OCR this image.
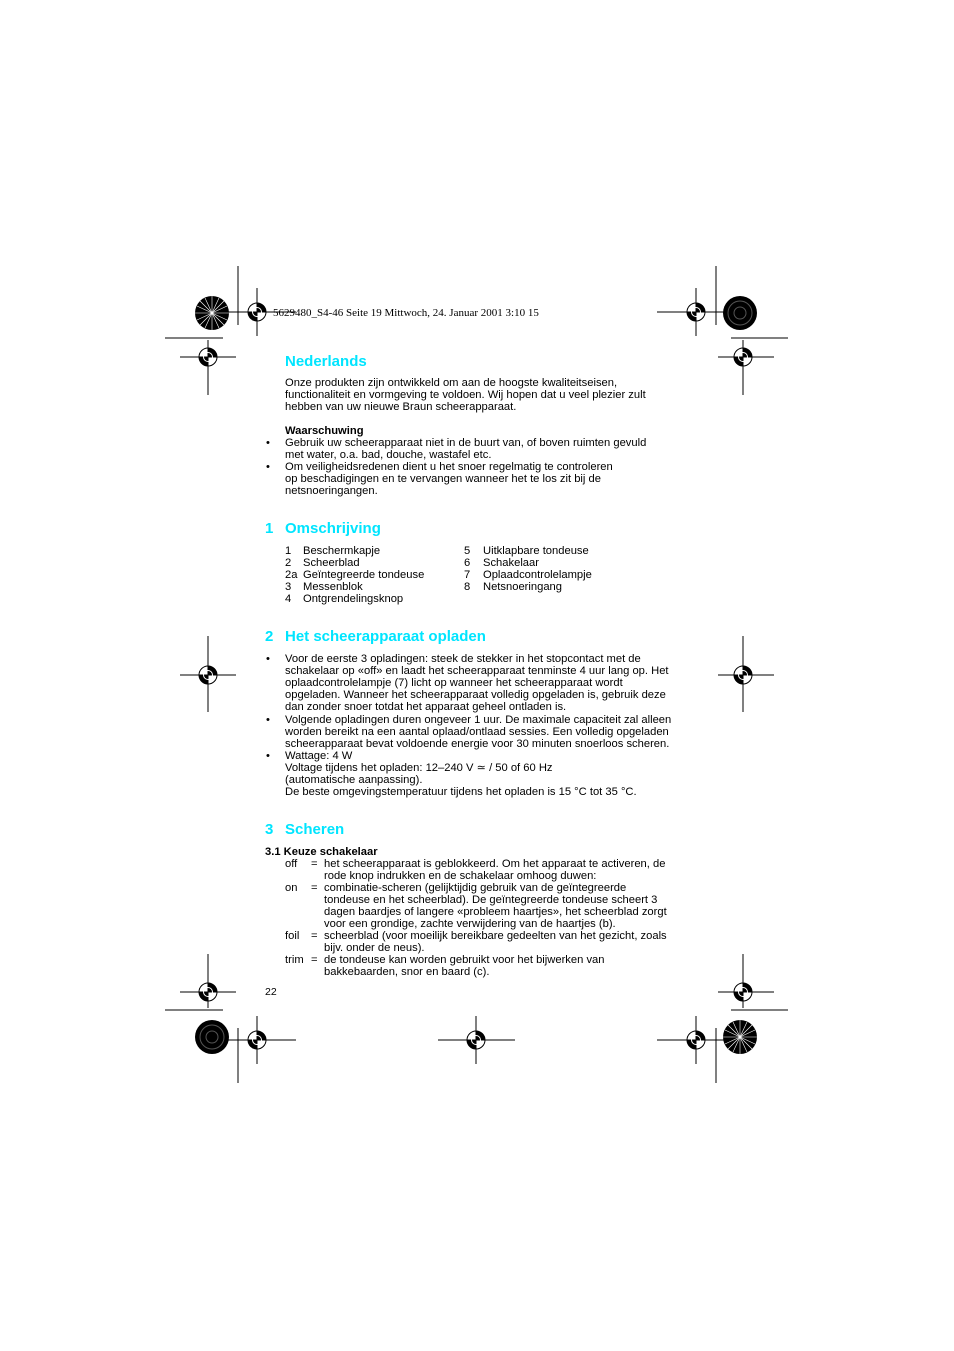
5629480_S4-46 Seite 19 Mittwoch, 24. Januar 2001 3:10 15
Nederlands
Onze produkten zijn ontwikkeld om aan de hoogste kwaliteitseisen,
functionaliteit en vormgeving te voldoen. Wij hopen dat u veel plezier zult
hebben van uw nieuwe Braun scheerapparaat.
Waarschuwing
• Gebruik uw scheerapparaat niet in de buurt van, of boven ruimten gevuld
met water, o.a. bad, douche, wastafel etc.
• Om veiligheidsredenen dient u het snoer regelmatig te controleren
op beschadigingen en te vervangen wanneer het te los zit bij de
netsnoeringangen.
1 Omschrijving
1 Beschermkapje
2 Scheerblad
2a Geïntegreerde tondeuse
3 Messenblok
4 Ontgrendelingsknop
5 Uitklapbare tondeuse
6 Schakelaar
7 Oplaadcontrolelampje
8 Netsnoeringang
2 Het scheerapparaat opladen
• Voor de eerste 3 opladingen: steek de stekker in het stopcontact met de
schakelaar op «off» en laadt het scheerapparaat tenminste 4 uur lang op. Het
oplaadcontrolelampje (7) licht op wanneer het scheerapparaat wordt
opgeladen. Wanneer het scheerapparaat volledig opgeladen is, gebruik deze
dan zonder snoer totdat het apparaat geheel ontladen is.
• Volgende opladingen duren ongeveer 1 uur. De maximale capaciteit zal alleen
worden bereikt na een aantal oplaad/ontlaad sessies. Een volledig opgeladen
scheerapparaat bevat voldoende energie voor 30 minuten snoerloos scheren.
• Wattage: 4 W
Voltage tijdens het opladen: 12–240 V ≃ / 50 of 60 Hz
(automatische aanpassing).
De beste omgevingstemperatuur tijdens het opladen is 15 °C tot 35 °C.
3 Scheren
3.1 Keuze schakelaar
off = het scheerapparaat is geblokkeerd. Om het apparaat te activeren, de
rode knop indrukken en de schakelaar omhoog duwen:
on = combinatie-scheren (gelijktijdig gebruik van de geïntegreerde
tondeuse en het scheerblad). De geïntegreerde tondeuse scheert 3
dagen baardjes of langere «probleem haartjes», het scheerblad zorgt
voor een grondige, zachte verwijdering van de haartjes (b).
foil = scheerblad (voor moeilijk bereikbare gedeelten van het gezicht, zoals
bijv. onder de neus).
trim = de tondeuse kan worden gebruikt voor het bijwerken van
bakkebaarden, snor en baard (c).
22
